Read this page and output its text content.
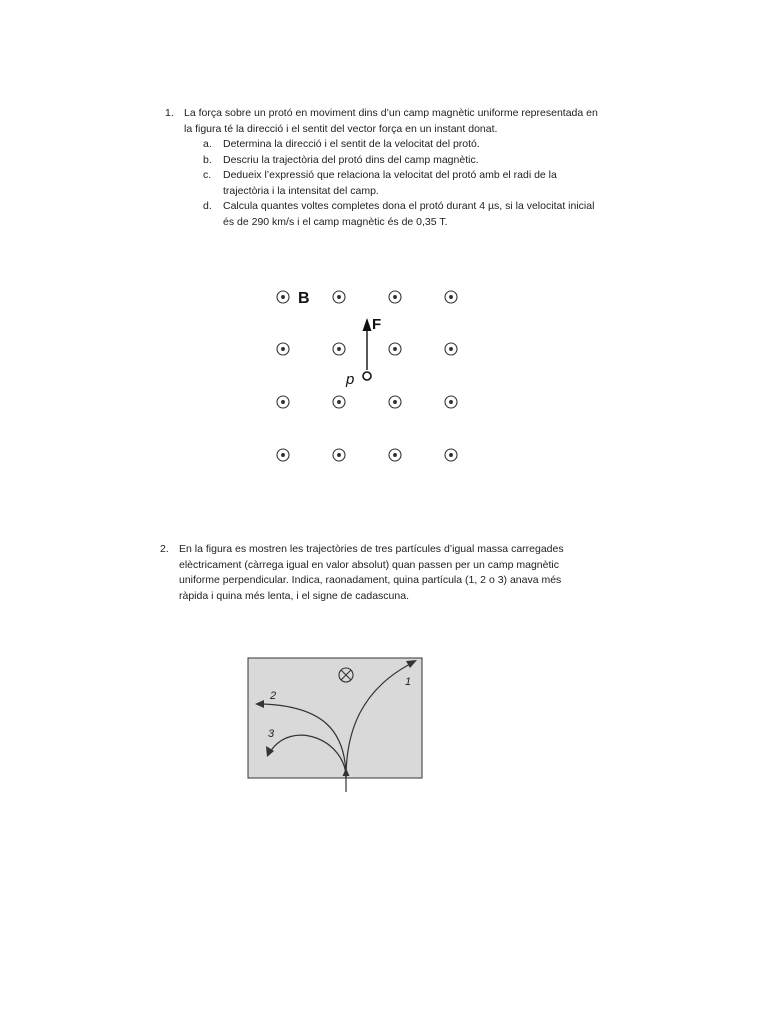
1. La força sobre un protó en moviment dins d’un camp magnètic uniforme representada en la figura té la direcció i el sentit del vector força en un instant donat.
a.	Determina la direcció i el sentit de la velocitat del protó.
b.	Descriu la trajectòria del protó dins del camp magnètic.
c.	Dedueix l’expressió que relaciona la velocitat del protó amb el radi de la trajectòria i la intensitat del camp.
d.	Calcula quantes voltes completes dona el protó durant 4 µs, si la velocitat inicial és de 290 km/s i el camp magnètic és de 0,35 T.
B
F
p
2. En la figura es mostren les trajectòries de tres partícules d’igual massa carregades elèctricament (càrrega igual en valor absolut) quan passen per un camp magnètic uniforme perpendicular. Indica, raonadament, quina partícula (1, 2 o 3) anava més ràpida i quina més lenta, i el signe de cadascuna.
1
2
3
